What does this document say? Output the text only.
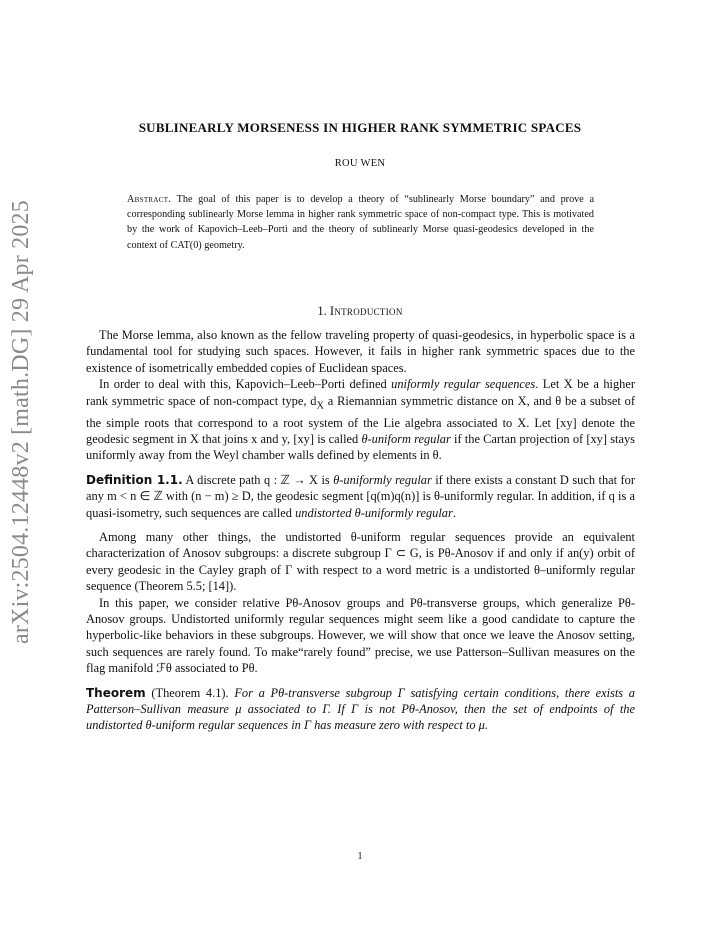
arXiv:2504.12448v2 [math.DG] 29 Apr 2025
SUBLINEARLY MORSENESS IN HIGHER RANK SYMMETRIC SPACES
ROU WEN
Abstract. The goal of this paper is to develop a theory of “sublinearly Morse boundary” and prove a corresponding sublinearly Morse lemma in higher rank symmetric space of non-compact type. This is motivated by the work of Kapovich–Leeb–Porti and the theory of sublinearly Morse quasi-geodesics developed in the context of CAT(0) geometry.
1. Introduction

The Morse lemma, also known as the fellow traveling property of quasi-geodesics, in hyperbolic space is a fundamental tool for studying such spaces. However, it fails in higher rank symmetric spaces due to the existence of isometrically embedded copies of Euclidean spaces.

In order to deal with this, Kapovich–Leeb–Porti defined uniformly regular sequences. Let X be a higher rank symmetric space of non-compact type, $d_X$ a Riemannian symmetric distance on X, and θ be a subset of the simple roots that correspond to a root system of the Lie algebra associated to X. Let [xy] denote the geodesic segment in X that joins x and y, [xy] is called θ-uniform regular if the Cartan projection of [xy] stays uniformly away from the Weyl chamber walls defined by elements in θ.

Definition 1.1. A discrete path q : ℤ → X is θ-uniformly regular if there exists a constant D such that for any m < n ∈ ℤ with (n − m) ≥ D, the geodesic segment [q(m)q(n)] is θ-uniformly regular. In addition, if q is a quasi-isometry, such sequences are called undistorted θ-uniformly regular.

Among many other things, the undistorted θ-uniform regular sequences provide an equivalent characterization of Anosov subgroups: a discrete subgroup Γ ⊂ G, is Pθ-Anosov if and only if an(y) orbit of every geodesic in the Cayley graph of Γ with respect to a word metric is a undistorted θ–uniformly regular sequence (Theorem 5.5; [14]).

In this paper, we consider relative Pθ-Anosov groups and Pθ-transverse groups, which generalize Pθ-Anosov groups. Undistorted uniformly regular sequences might seem like a good candidate to capture the hyperbolic-like behaviors in these subgroups. However, we will show that once we leave the Anosov setting, such sequences are rarely found. To make“rarely found” precise, we use Patterson–Sullivan measures on the flag manifold ℱθ associated to Pθ.

Theorem (Theorem 4.1). For a Pθ-transverse subgroup Γ satisfying certain conditions, there exists a Patterson–Sullivan measure μ associated to Γ. If Γ is not Pθ-Anosov, then the set of endpoints of the undistorted θ-uniform regular sequences in Γ has measure zero with respect to μ.

1
